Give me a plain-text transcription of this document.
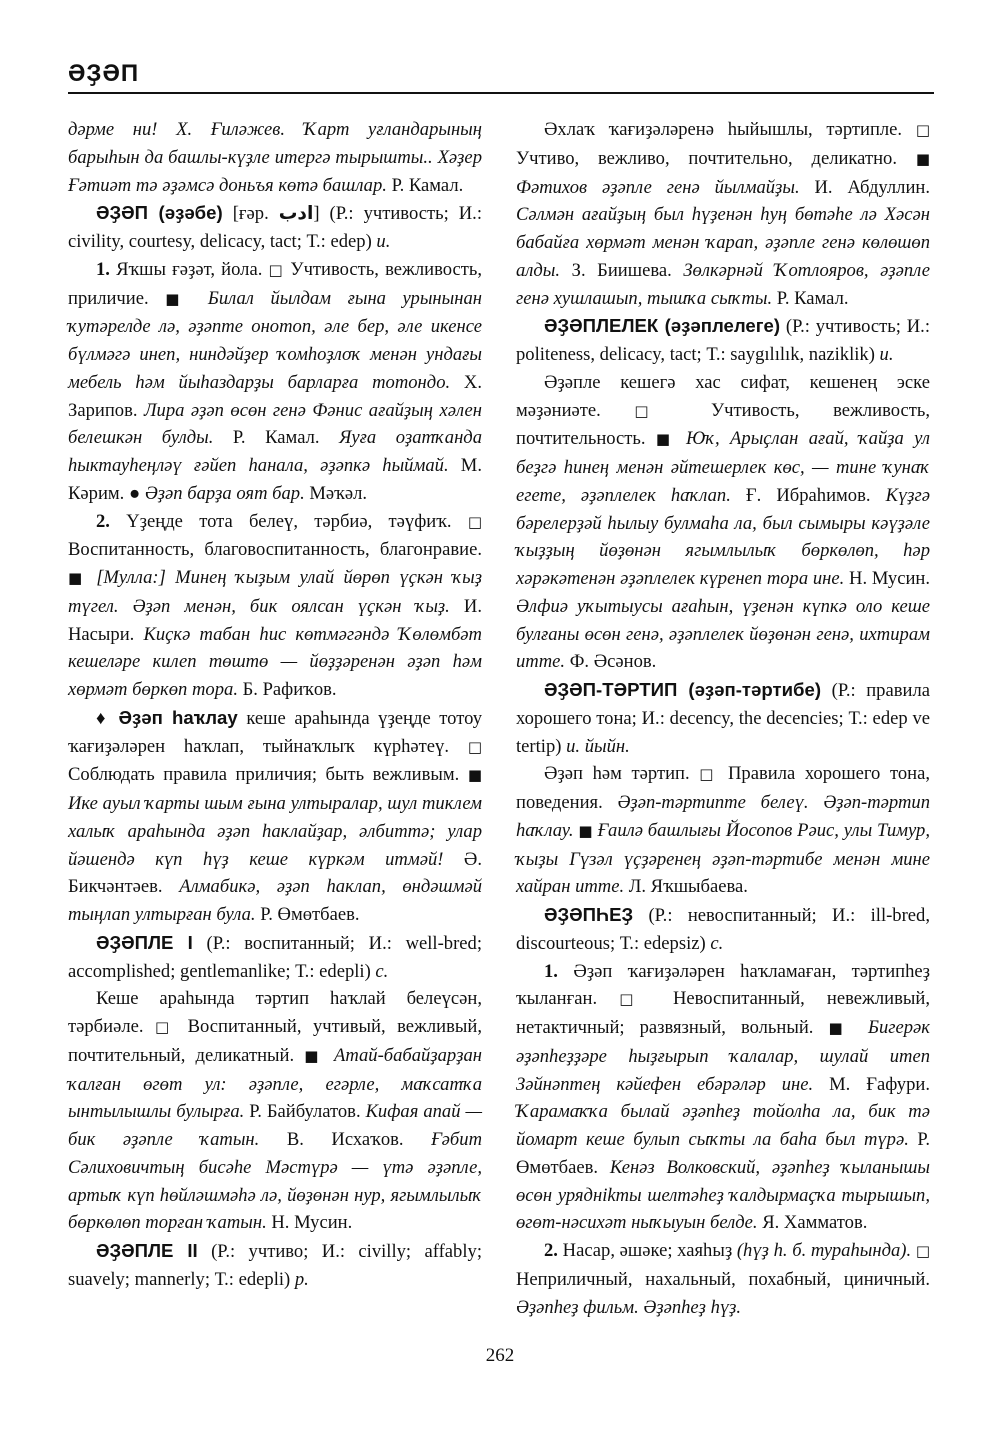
ӘҘӘП

дәрме ни! Х. Ғиләжев. Ҡарт уғландарының барыһын да башлы-күҙле итергә тырышты.. Хәҙер Ғәтиәт тә әҙәмсә доньъя көтә башлар. Р. Камал.

ӘҘӘП (әҙәбе) [ғәр. ادب] (Р.: учтивость; И.: civility, courtesy, delicacy, tact; Т.: edep) и.

1. Яҡшы ғәҙәт, йола. □ Учтивость, вежливость, приличие. ■ Билал йылдам ғына урынынан ҡутәрелдe лә, әҙәпте онотоп, әле бер, әле икенсе бүлмәгә инеп, ниндәйҙер ҡомһоҙлоҡ менән ундағы мебель һәм йыһаздарҙы барларға тотондо. Х. Зарипов. Лира әҙәп өсөн генә Фәнис ағайҙың хәлен белешкән булды. Р. Камал. Яуға оҙатҡанда һыктауһеңләү ғәйеп һанала, әҙәпкә һыймай. М. Кәрим. ● Әҙәп барҙа оят бар. Мәҡәл.

2. Үҙеңде тота белеү, тәрбиә, тәүфиҡ. □ Воспитанность, благовоспитанность, благонравие. ■ [Мулла:] Минең ҡыҙым улай йөрөп үҫкән ҡыҙ түгел. Әҙәп менән, бик оялсан үҫкән ҡыҙ. И. Насыри. Киҫкә табан һис көтмәгәндә Ҡөлөмбәт кешеләре килеп төштө — йөҙҙәренән әҙәп һәм хөрмәт бөркөп тора. Б. Рафиҡов.

♦ Әҙәп һаҡлау кеше араһында үҙеңде тотоу ҡағиҙәләрен һаҡлап, тыйнаҡлыҡ күрһәтеү. □ Соблюдать правила приличия; быть вежливым. ■ Ике ауыл ҡарты шым ғына ултыралар, шул тиклем халыҡ араһында әҙәп һаклайҙар, әлбиттә; улар йәшендә күп һүҙ кеше күркәм итмәй! Ә. Бикчәнтәев. Алмабикә, әҙәп һаклап, өндәшмәй тыңлап ултырған була. Р. Өмөтбаев.

ӘҘӘПЛЕ I (Р.: воспитанный; И.: well-bred; accomplished; gentlemanlike; Т.: edepli) с.

Кеше араһында тәртип һаҡлай белеүсән, тәрбиәле. □ Воспитанный, учтивый, вежливый, почтительный, деликатный. ■ Атай-бабайҙарҙан ҡалған өгөт ул: әҙәпле, егәрле, маҡсатҡа ынтылышлы булырға. Р. Байбулатов. Кифая апай — бик әҙәпле ҡатын. В. Исхаҡов. Ғәбит Сәлиховичтың бисәһе Мәстүрә — үтә әҙәпле, артыҡ күп һөйләшмәһә лә, йөҙөнән нур, ягымлылыҡ бөркөлөп торған ҡатын. Н. Мусин.

ӘҘӘПЛЕ II (Р.: учтиво; И.: civilly; affably; suavely; mannerly; Т.: edepli) р.

Әхлаҡ ҡағиҙәләренә һыйышлы, тәртипле. □ Учтиво, вежливо, почтительно, деликатно. ■ Фәтихов әҙәпле генә йылмайҙы. И. Абдуллин. Сәлмән ағайҙың был һүҙенән һуң бөтәһе лә Хәсән бабайға хөрмәт менән ҡарап, әҙәпле генә көлөшөп алды. З. Биишева. Зөлкәрнәй Ҡотлояров, әҙәпле генә хушлашып, тышҡа сыҡты. Р. Камал.

ӘҘӘПЛЕЛЕК (әҙәплелеге) (Р.: учтивость; И.: politeness, delicacy, tact; Т.: saygılılık, naziklik) и.

Әҙәпле кешегә хас сифат, кешенең эске мәҙәниәте. □ Учтивость, вежливость, почтительность. ■ Юҡ, Арыҫлан ағай, ҡайҙа ул беҙгә һинең менән әйтешерлек көс, — тине ҡунаҡ егете, әҙәплелек һаҡлап. Ғ. Ибраһимов. Күҙгә бәрелерҙәй һылыу булмаһа ла, был сымыры кәүҙәле ҡыҙҙың йөҙөнән ягымлылыҡ бөркөлөп, һәр хәрәкәтенән әҙәплелек күренеп тора ине. Н. Мусин. Әлфиә уҡытыусы ағаһын, үҙенән күпкә оло кеше булғаны өсөн генә, әҙәплелек йөҙөнән генә, ихтирам итте. Ф. Әсәнов.

ӘҘӘП-ТӘРТИП (әҙәп-тәртибе) (Р.: правила хорошего тона; И.: decency, the decencies; Т.: edep ve tertip) и. йыйн.

Әҙәп һәм тәртип. □ Правила хорошего тона, поведения. Әҙәп-тәртипте белеү. Әҙәп-тәртип һаҡлау. ■ Ғаилә башлығы Йосопов Рәис, улы Тимур, ҡыҙы Гүзәл үҫҙәренең әҙәп-тәртибе менән мине хайран итте. Л. Яҡшыбаева.

ӘҘӘПҺЕҘ (Р.: невоспитанный; И.: ill-bred, discourteous; Т.: edepsiz) с.

1. Әҙәп ҡағиҙәләрен һаҡламаған, тәртипһеҙ ҡыланған. □ Невоспитанный, невежливый, нетактичный; развязный, вольный. ■ Бигерәк әҙәпһеҙҙәре һыҙғырып ҡалалар, шулай итеп Зәйнәптең кәйефен ебәрәләр ине. М. Ғафури. Ҡарамаҡҡа былай әҙәпһеҙ тойолһа ла, бик тә йомарт кеше булып сыҡты ла баһа был түрә. Р. Өмөтбаев. Кенәз Волковский, әҙәпһеҙ ҡыланышы өсөн уряднikты шелтәһеҙ ҡалдырмаҫҡа тырышып, өгөт-нәсихәт ныҡыуын белдe. Я. Хамматов.

2. Насар, әшәке; хаяһыҙ (һүҙ һ. б. тураһында). □ Неприличный, нахальный, похабный, циничный. Әҙәпһеҙ фильм. Әҙәпһеҙ һүҙ.

262
